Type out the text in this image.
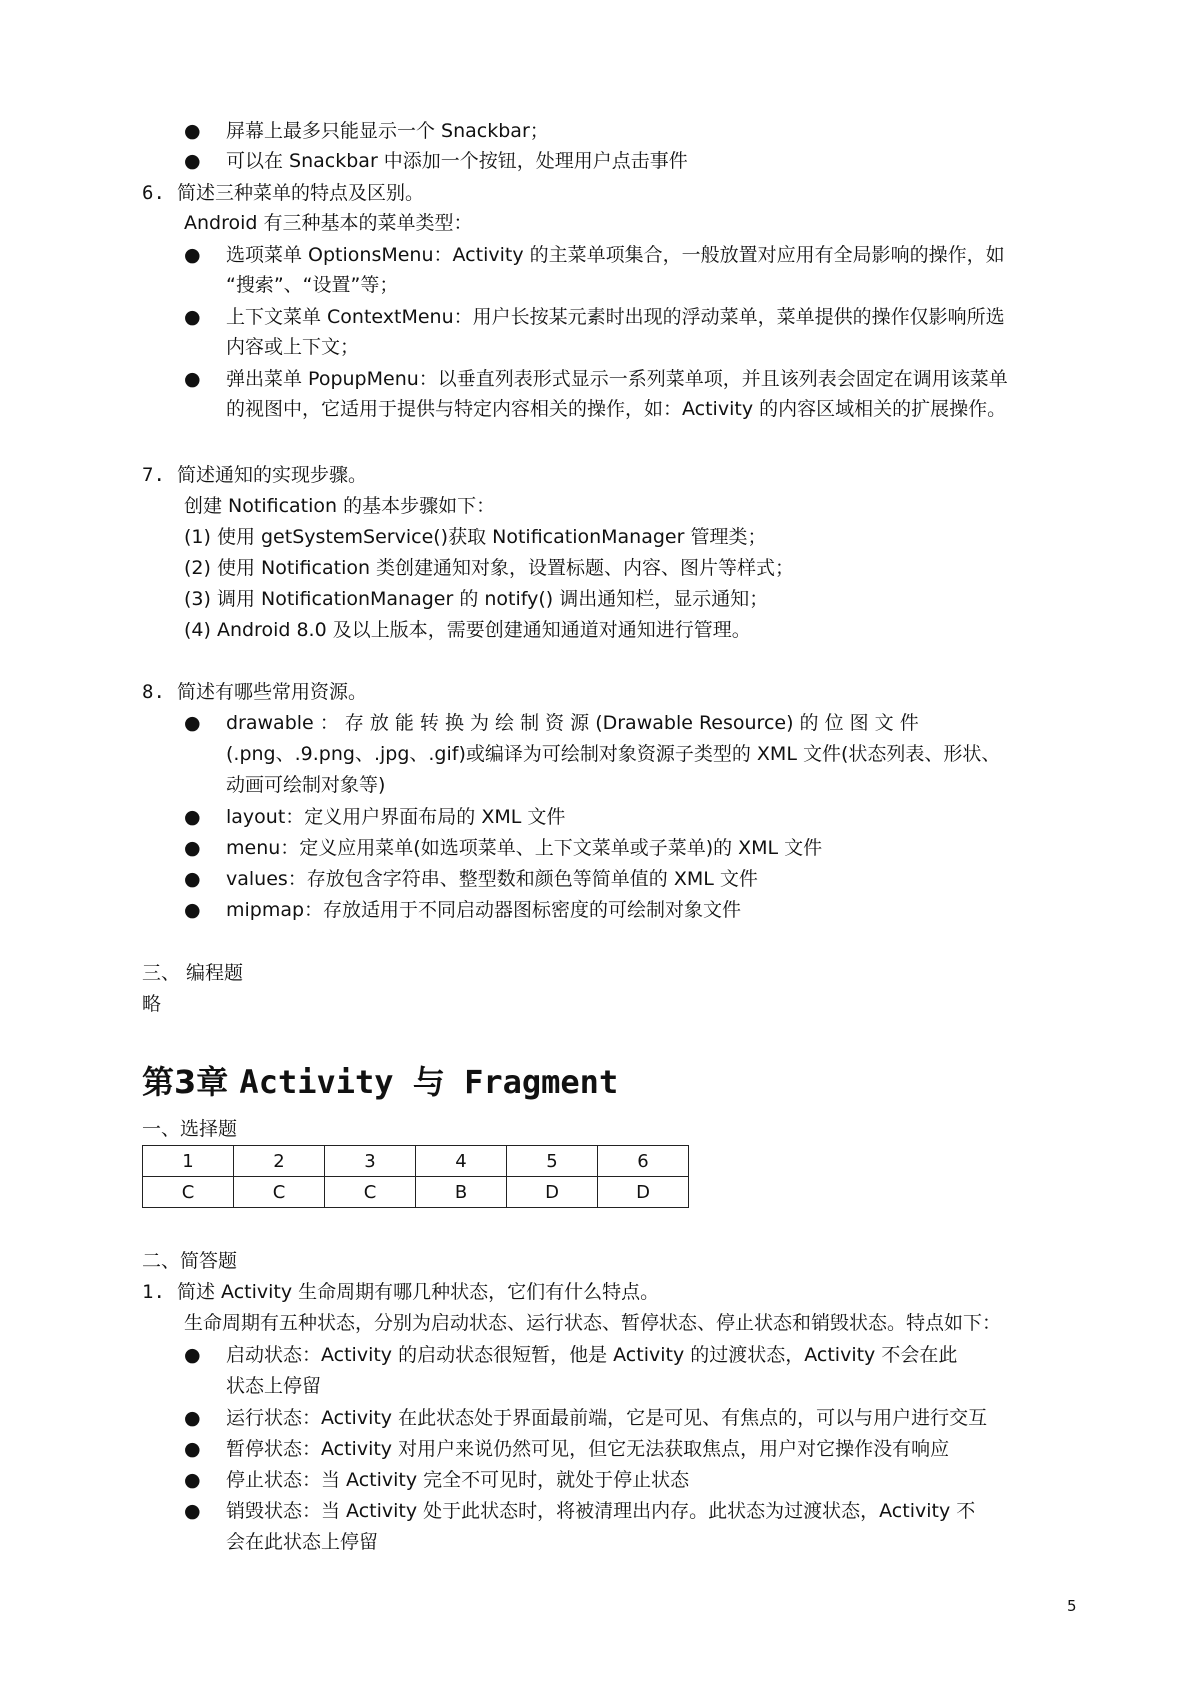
● 屏幕上最多只能显示一个 Snackbar；
● 可以在 Snackbar 中添加一个按钮，处理用户点击事件
6. 简述三种菜单的特点及区别。
Android 有三种基本的菜单类型：
● 选项菜单 OptionsMenu：Activity 的主菜单项集合，一般放置对应用有全局影响的操作，如
“搜索”、“设置”等；
● 上下文菜单 ContextMenu：用户长按某元素时出现的浮动菜单，菜单提供的操作仅影响所选
内容或上下文；
● 弹出菜单 PopupMenu：以垂直列表形式显示一系列菜单项，并且该列表会固定在调用该菜单
的视图中，它适用于提供与特定内容相关的操作，如：Activity 的内容区域相关的扩展操作。
7. 简述通知的实现步骤。
创建 Notification 的基本步骤如下：
(1) 使用 getSystemService()获取 NotificationManager 管理类；
(2) 使用 Notification 类创建通知对象，设置标题、内容、图片等样式；
(3) 调用 NotificationManager 的 notify() 调出通知栏，显示通知；
(4) Android 8.0 及以上版本，需要创建通知通道对通知进行管理。
8. 简述有哪些常用资源。
● drawable ： 存 放 能 转 换 为 绘 制 资 源 (Drawable Resource) 的 位 图 文 件
(.png、.9.png、.jpg、.gif)或编译为可绘制对象资源子类型的 XML 文件(状态列表、形状、
动画可绘制对象等)
● layout：定义用户界面布局的 XML 文件
● menu：定义应用菜单(如选项菜单、上下文菜单或子菜单)的 XML 文件
● values：存放包含字符串、整型数和颜色等简单值的 XML 文件
● mipmap：存放适用于不同启动器图标密度的可绘制对象文件
三、 编程题
略
第3章 Activity 与 Fragment
一、选择题
1	2	3	4	5	6
C	C	C	B	D	D
二、简答题
1. 简述 Activity 生命周期有哪几种状态，它们有什么特点。
生命周期有五种状态，分别为启动状态、运行状态、暂停状态、停止状态和销毁状态。特点如下：
● 启动状态：Activity 的启动状态很短暂，他是 Activity 的过渡状态，Activity 不会在此
状态上停留
● 运行状态：Activity 在此状态处于界面最前端，它是可见、有焦点的，可以与用户进行交互
● 暂停状态：Activity 对用户来说仍然可见，但它无法获取焦点，用户对它操作没有响应
● 停止状态：当 Activity 完全不可见时，就处于停止状态
● 销毁状态：当 Activity 处于此状态时，将被清理出内存。此状态为过渡状态，Activity 不
会在此状态上停留
5
